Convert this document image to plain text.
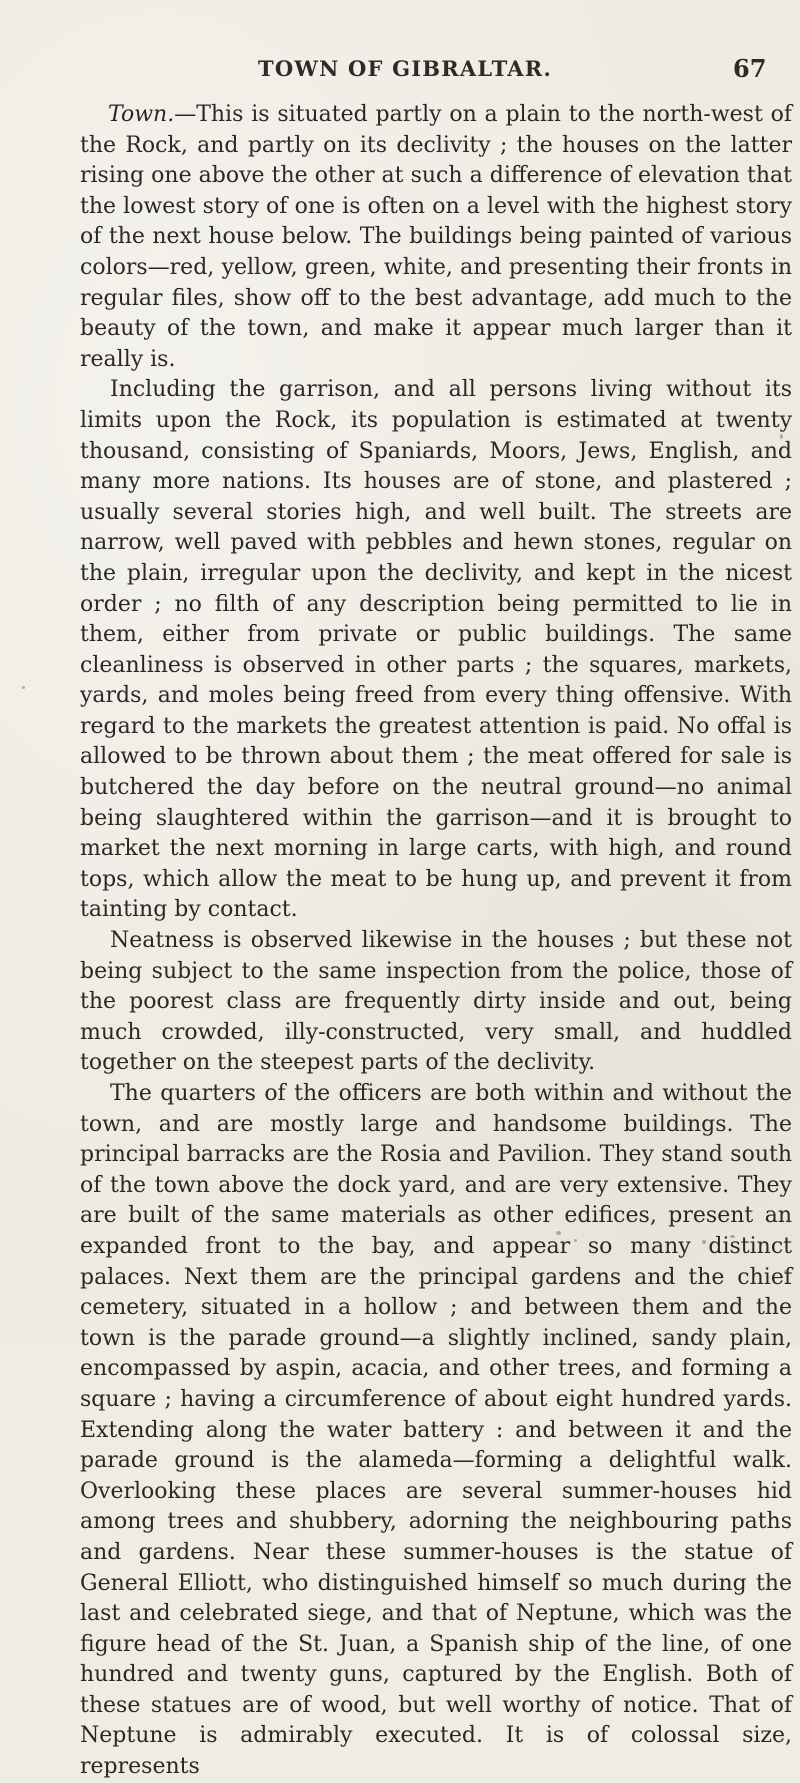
TOWN OF GIBRALTAR.	67

Town.—This is situated partly on a plain to the north-west of the Rock, and partly on its declivity ; the houses on the latter rising one above the other at such a difference of elevation that the lowest story of one is often on a level with the highest story of the next house below. The buildings being painted of various colors—red, yellow, green, white, and presenting their fronts in regular files, show off to the best advantage, add much to the beauty of the town, and make it appear much larger than it really is.

Including the garrison, and all persons living without its limits upon the Rock, its population is estimated at twenty thousand, consisting of Spaniards, Moors, Jews, English, and many more nations. Its houses are of stone, and plastered ; usually several stories high, and well built. The streets are narrow, well paved with pebbles and hewn stones, regular on the plain, irregular upon the declivity, and kept in the nicest order ; no filth of any description being permitted to lie in them, either from private or public buildings. The same cleanliness is observed in other parts ; the squares, markets, yards, and moles being freed from every thing offensive. With regard to the markets the greatest attention is paid. No offal is allowed to be thrown about them ; the meat offered for sale is butchered the day before on the neutral ground—no animal being slaughtered within the garrison—and it is brought to market the next morning in large carts, with high, and round tops, which allow the meat to be hung up, and prevent it from tainting by contact.

Neatness is observed likewise in the houses ; but these not being subject to the same inspection from the police, those of the poorest class are frequently dirty inside and out, being much crowded, illy-constructed, very small, and huddled together on the steepest parts of the declivity.

The quarters of the officers are both within and without the town, and are mostly large and handsome buildings. The principal barracks are the Rosia and Pavilion. They stand south of the town above the dock yard, and are very extensive. They are built of the same materials as other edifices, present an expanded front to the bay, and appear so many distinct palaces. Next them are the principal gardens and the chief cemetery, situated in a hollow ; and between them and the town is the parade ground—a slightly inclined, sandy plain, encompassed by aspin, acacia, and other trees, and forming a square ; having a circumference of about eight hundred yards. Extending along the water battery : and between it and the parade ground is the alameda—forming a delightful walk. Overlooking these places are several summer-houses hid among trees and shubbery, adorning the neighbouring paths and gardens. Near these summer-houses is the statue of General Elliott, who distinguished himself so much during the last and celebrated siege, and that of Neptune, which was the figure head of the St. Juan, a Spanish ship of the line, of one hundred and twenty guns, captured by the English. Both of these statues are of wood, but well worthy of notice. That of Neptune is admirably executed. It is of colossal size, represents
